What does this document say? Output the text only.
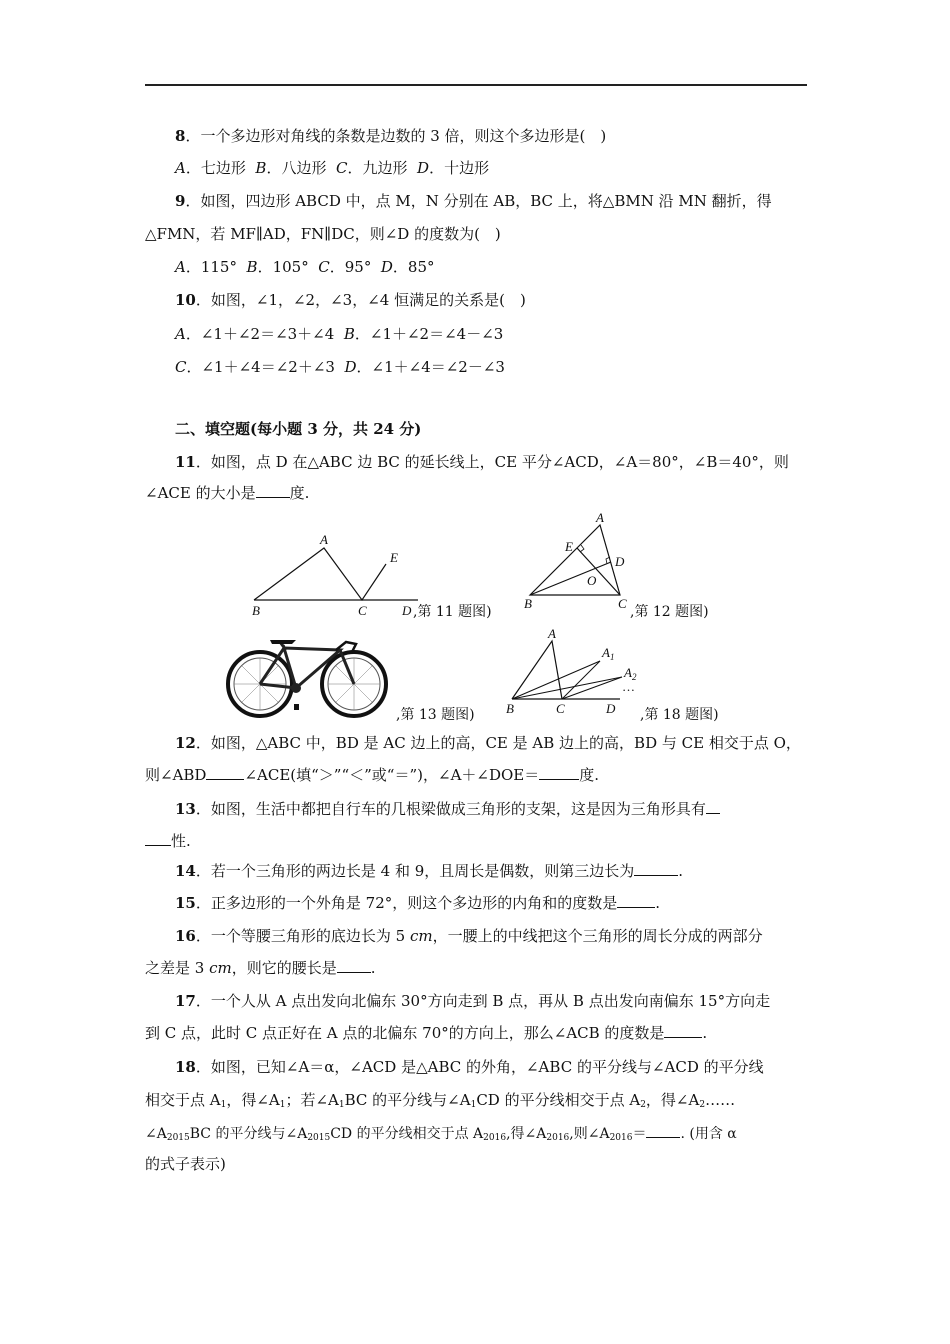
8．一个多边形对角线的条数是边数的 3 倍，则这个多边形是(　)
A．七边形 B．八边形 C．九边形 D．十边形
9．如图，四边形 ABCD 中，点 M，N 分别在 AB，BC 上，将△BMN 沿 MN 翻折，得
△FMN，若 MF∥AD，FN∥DC，则∠D 的度数为(　)
A．115° B．105° C．95° D．85°
10．如图，∠1，∠2，∠3，∠4 恒满足的关系是(　)
A．∠1＋∠2＝∠3＋∠4 B．∠1＋∠2＝∠4－∠3
C．∠1＋∠4＝∠2＋∠3 D．∠1＋∠4＝∠2－∠3
二、填空题(每小题 3 分，共 24 分)
11．如图，点 D 在△ABC 边 BC 的延长线上，CE 平分∠ACD，∠A＝80°，∠B＝40°，则
∠ACE 的大小是 度.
A
B	C
E
D ,第 11 题图)
A
E
D
O
B	C
,第 12 题图)
,第 13 题图)
A
$A_1$
$A_2$
…
B	C	D ,第 18 题图)
12．如图，△ABC 中，BD 是 AC 边上的高，CE 是 AB 边上的高，BD 与 CE 相交于点 O，
则∠ABD	∠ACE(填“＞”“＜”或“＝”)，∠A＋∠DOE＝	度.
13．如图，生活中都把自行车的几根梁做成三角形的支架，这是因为三角形具有
性.
14．若一个三角形的两边长是 4 和 9，且周长是偶数，则第三边长为	.
15．正多边形的一个外角是 72°，则这个多边形的内角和的度数是	.
16．一个等腰三角形的底边长为 5 cm，一腰上的中线把这个三角形的周长分成的两部分
之差是 3 cm，则它的腰长是 .
17．一个人从 A 点出发向北偏东 30°方向走到 B 点，再从 B 点出发向南偏东 15°方向走
到 C 点，此时 C 点正好在 A 点的北偏东 70°的方向上，那么∠ACB 的度数是	.
18．如图，已知∠A＝α，∠ACD 是△ABC 的外角，∠ABC 的平分线与∠ACD 的平分线
相交于点 $A_1$，得$\angle A_1$；若$\angle A_1BC$ 的平分线与$\angle A_1CD$ 的平分线相交于点 $A_2$，得$\angle A_2\dots\dots$
$\angle A_{2015}BC$ 的平分线与$\angle A_{2015}CD$ 的平分线相交于点 $A_{2016}$,得$\angle A_{2016}$,则$\angle A_{2016}=$ . (用含 α
的式子表示)
